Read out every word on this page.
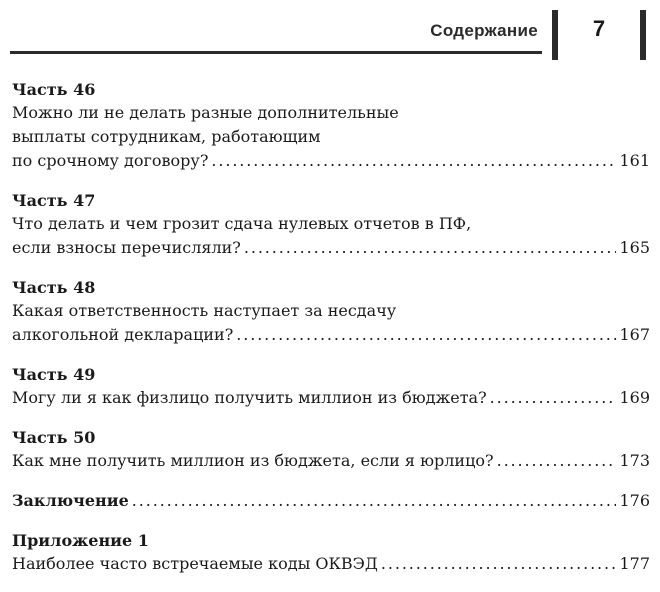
Содержание	7
Часть 46
Можно ли не делать разные дополнительные
выплаты сотрудникам, работающим
по срочному договору? . . .	161
Часть 47
Что делать и чем грозит сдача нулевых отчетов в ПФ,
если взносы перечисляли? . . .	165
Часть 48
Какая ответственность наступает за несдачу
алкогольной декларации? . . .	167
Часть 49
Могу ли я как физлицо получить миллион из бюджета? . . .	169
Часть 50
Как мне получить миллион из бюджета, если я юрлицо? . . .	173
Заключение . . .	176
Приложение 1
Наиболее часто встречаемые коды ОКВЭД . . .	177
